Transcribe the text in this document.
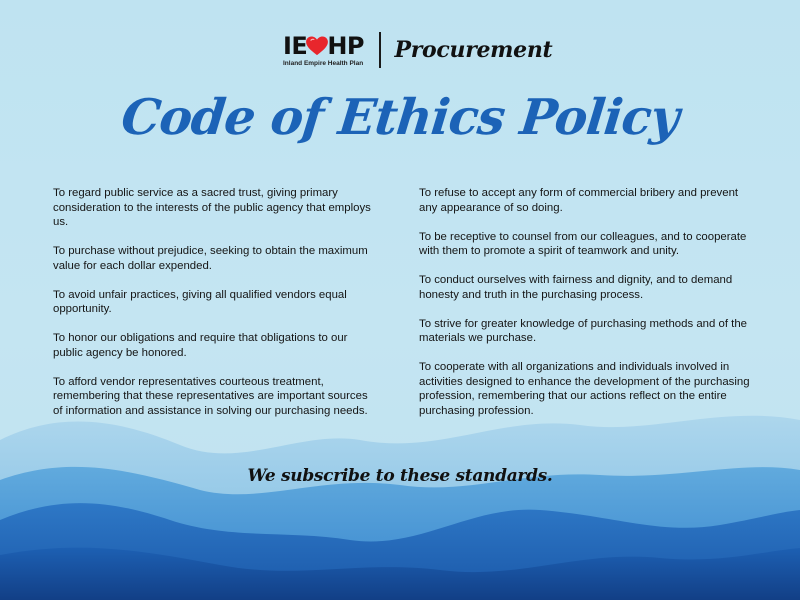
IE HP
Inland Empire Health Plan Procurement
Code of Ethics Policy
To regard public service as a sacred trust, giving primary consideration to the interests of the public agency that employs us.
To purchase without prejudice, seeking to obtain the maximum value for each dollar expended.
To avoid unfair practices, giving all qualified vendors equal opportunity.
To honor our obligations and require that obligations to our public agency be honored.
To afford vendor representatives courteous treatment, remembering that these representatives are important sources of information and assistance in solving our purchasing needs.
To refuse to accept any form of commercial bribery and prevent any appearance of so doing.
To be receptive to counsel from our colleagues, and to cooperate with them to promote a spirit of teamwork and unity.
To conduct ourselves with fairness and dignity, and to demand honesty and truth in the purchasing process.
To strive for greater knowledge of purchasing methods and of the materials we purchase.
To cooperate with all organizations and individuals involved in activities designed to enhance the development of the purchasing profession, remembering that our actions reflect on the entire purchasing profession.
We subscribe to these standards.
